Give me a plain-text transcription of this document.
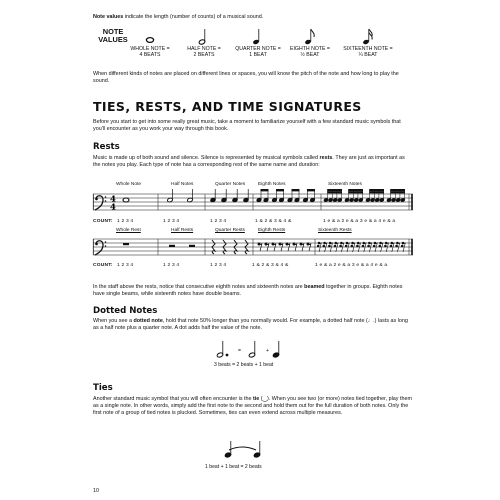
Note values indicate the length (number of counts) of a musical sound.
NOTE
VALUES
WHOLE NOTE =
4 BEATS
HALF NOTE =
2 BEATS
QUARTER NOTE =
1 BEAT
EIGHTH NOTE =
½ BEAT
SIXTEENTH NOTE =
¼ BEAT
When different kinds of notes are placed on different lines or spaces, you will know the pitch of the note and how long to play the sound.
TIES, RESTS, AND TIME SIGNATURES
Before you start to get into some really great music, take a moment to familiarize yourself with a few standard music symbols that you'll encounter as you work your way through this book.
Rests
Music is made up of both sound and silence. Silence is represented by musical symbols called rests. They are just as important as the notes you play. Each type of note has a corresponding rest of the same name and duration:
Whole Note	Half Notes	Quarter Notes	Eighth Notes	Sixteenth Notes
4
4
COUNT: 1 2 3 4	1 2 3 4	1 2 3 4	1 & 2 & 3 & 4 &	1 e & a 2 e & a 3 e & a 4 e & a
Whole Rest	Half Rests	Quarter Rests	Eighth Rests	Sixteenth Rests
COUNT: 1 2 3 4	1 2 3 4	1 2 3 4	1 & 2 & 3 & 4 &	1 e & a 2 e & a 3 e & a 4 e & a
In the staff above the rests, notice that consecutive eighth notes and sixteenth notes are beamed together in groups. Eighth notes have single beams, while sixteenth notes have double beams.
Dotted Notes
When you see a dotted note, hold that note 50% longer than you normally would. For example, a dotted half note (♩.) lasts as long as a half note plus a quarter note. A dot adds half the value of the note.
=	+
3 beats = 2 beats + 1 beat
Ties
Another standard music symbol that you will often encounter is the tie (‿). When you see two (or more) notes tied together, play them as a single note. In other words, simply add the first note to the second and hold them out for the full duration of both notes. Only the first note of a group of tied notes is plucked. Sometimes, ties can even extend across multiple measures.
1 beat + 1 beat = 2 beats
10
